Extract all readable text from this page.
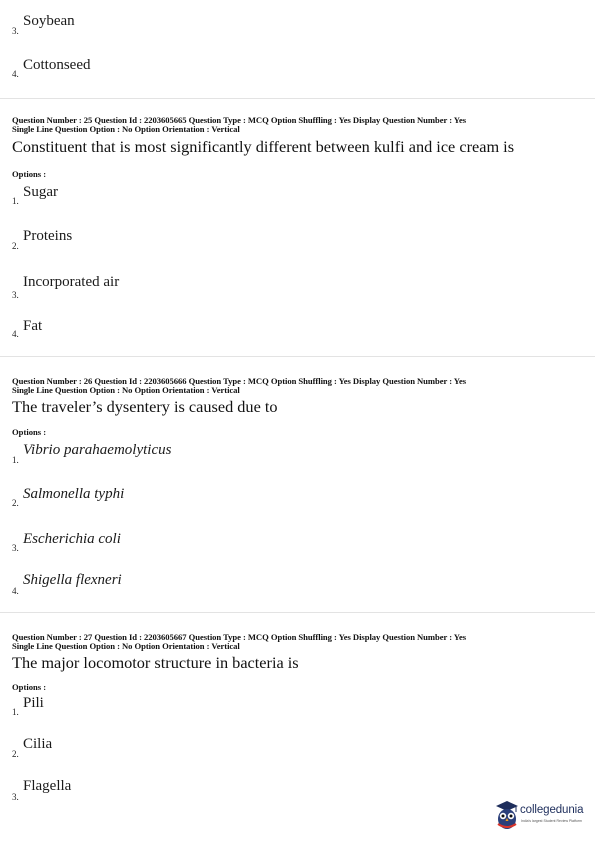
3.
Soybean
4.
Cottonseed
Question Number : 25 Question Id : 2203605665 Question Type : MCQ Option Shuffling : Yes Display Question Number : Yes
Single Line Question Option : No Option Orientation : Vertical
Constituent that is most significantly different between kulfi and ice cream is
Options :
1.
Sugar
2.
Proteins
3.
Incorporated air
4. Fat
Question Number : 26 Question Id : 2203605666 Question Type : MCQ Option Shuffling : Yes Display Question Number : Yes
Single Line Question Option : No Option Orientation : Vertical
The traveler’s dysentery is caused due to
Options :
1.
Vibrio parahaemolyticus
2.
Salmonella typhi
3.
Escherichia coli
4.
Shigella flexneri
Question Number : 27 Question Id : 2203605667 Question Type : MCQ Option Shuffling : Yes Display Question Number : Yes
Single Line Question Option : No Option Orientation : Vertical
The major locomotor structure in bacteria is
Options :
1.
Pili
2.
Cilia
3.
Flagella
collegedunia
India's largest Student Review Platform
